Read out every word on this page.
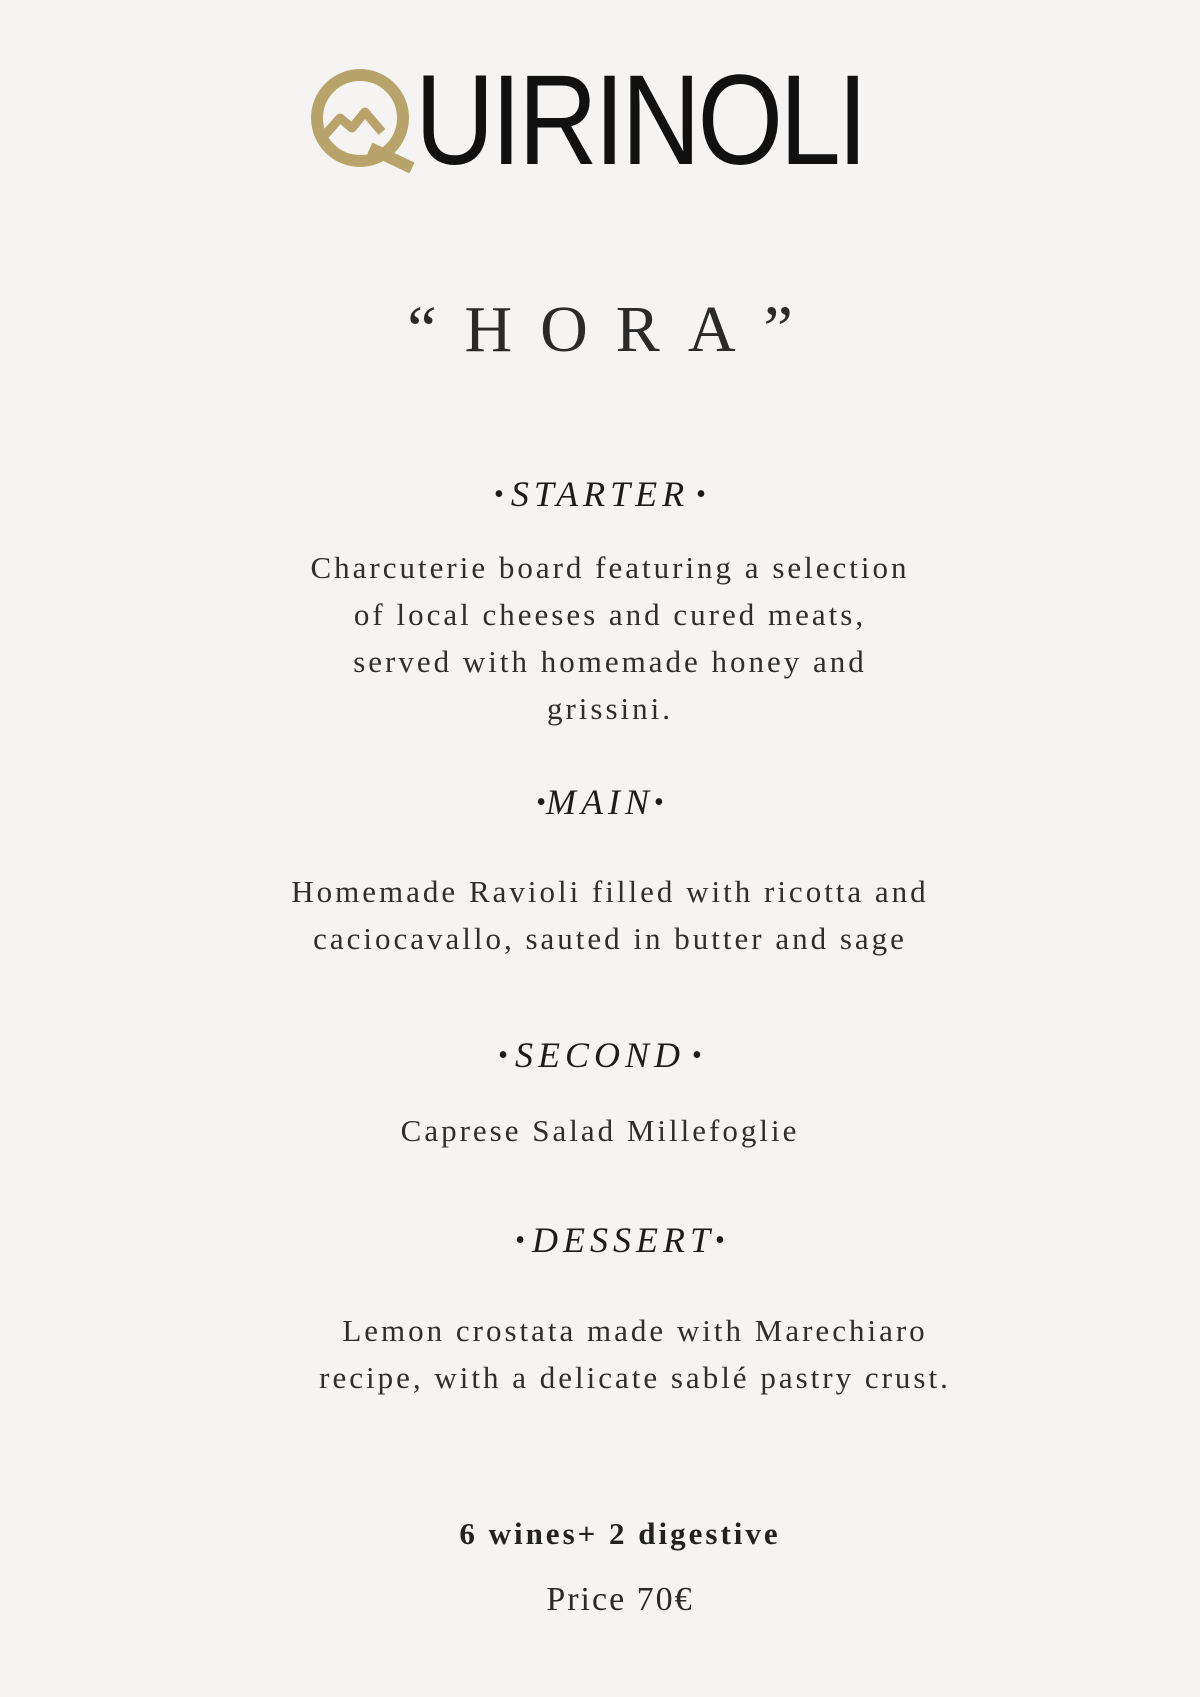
UIRINOLI
“HORA”
• STARTER •
Charcuterie board featuring a selection of local cheeses and cured meats, served with homemade honey and grissini.
•MAIN•
Homemade Ravioli filled with ricotta and caciocavallo, sauted in butter and sage
• SECOND •
Caprese Salad Millefoglie
• DESSERT•
Lemon crostata made with Marechiaro recipe, with a delicate sablé pastry crust.
6 wines+ 2 digestive
Price 70€
